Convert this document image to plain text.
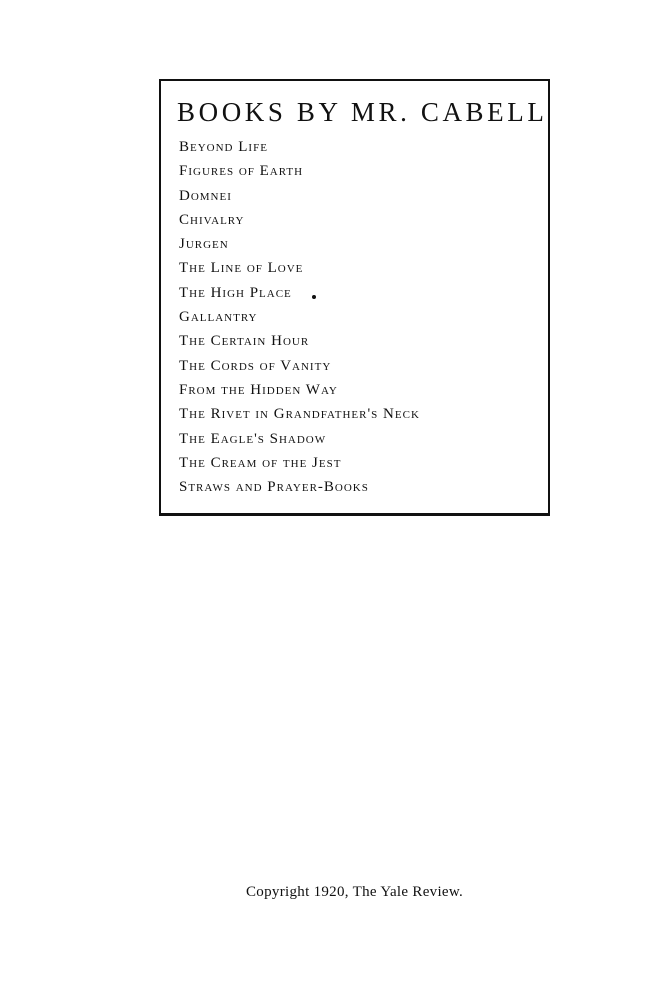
BOOKS BY MR. CABELL
Beyond Life
Figures of Earth
Domnei
Chivalry
Jurgen
The Line of Love
The High Place
Gallantry
The Certain Hour
The Cords of Vanity
From the Hidden Way
The Rivet in Grandfather's Neck
The Eagle's Shadow
The Cream of the Jest
Straws and Prayer-Books
Copyright 1920, The Yale Review.
